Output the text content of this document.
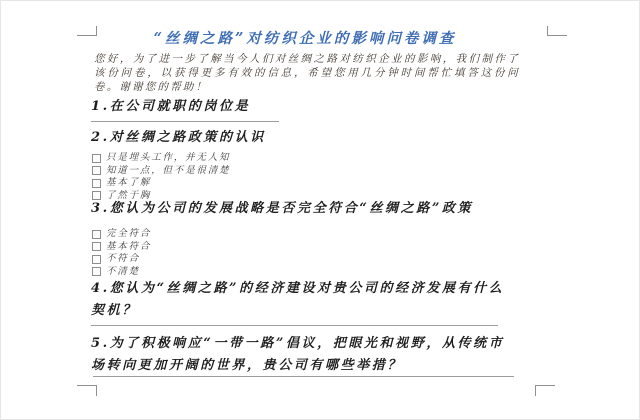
“丝绸之路”对纺织企业的影响问卷调查
您好，为了进一步了解当今人们对丝绸之路对纺织企业的影响，我们制作了该份问卷，以获得更多有效的信息，希望您用几分钟时间帮忙填答这份问卷。谢谢您的帮助！
1.在公司就职的岗位是
2.对丝绸之路政策的认识
只是埋头工作，并无人知
知道一点，但不是很清楚
基本了解
了然于胸
3.您认为公司的发展战略是否完全符合“丝绸之路”政策
完全符合
基本符合
不符合
不清楚
4.您认为“丝绸之路”的经济建设对贵公司的经济发展有什么契机？
5.为了积极响应“一带一路”倡议，把眼光和视野，从传统市场转向更加开阔的世界，贵公司有哪些举措？
